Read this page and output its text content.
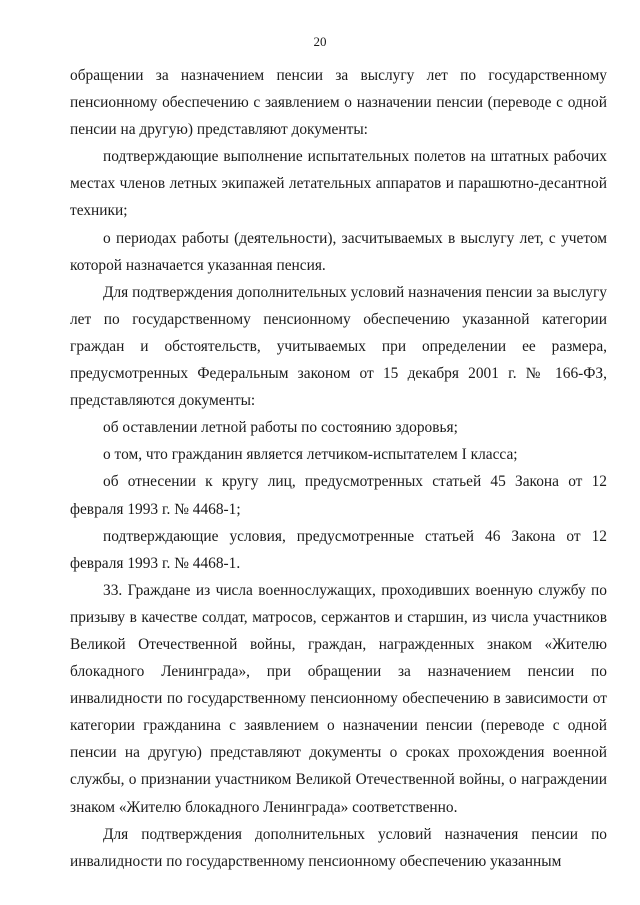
20

обращении за назначением пенсии за выслугу лет по государственному пенсионному обеспечению с заявлением о назначении пенсии (переводе с одной пенсии на другую) представляют документы:

подтверждающие выполнение испытательных полетов на штатных рабочих местах членов летных экипажей летательных аппаратов и парашютно-десантной техники;

о периодах работы (деятельности), засчитываемых в выслугу лет, с учетом которой назначается указанная пенсия.

Для подтверждения дополнительных условий назначения пенсии за выслугу лет по государственному пенсионному обеспечению указанной категории граждан и обстоятельств, учитываемых при определении ее размера, предусмотренных Федеральным законом от 15 декабря 2001 г. № 166-ФЗ, представляются документы:

об оставлении летной работы по состоянию здоровья;

о том, что гражданин является летчиком-испытателем I класса;

об отнесении к кругу лиц, предусмотренных статьей 45 Закона от 12 февраля 1993 г. № 4468-1;

подтверждающие условия, предусмотренные статьей 46 Закона от 12 февраля 1993 г. № 4468-1.

33. Граждане из числа военнослужащих, проходивших военную службу по призыву в качестве солдат, матросов, сержантов и старшин, из числа участников Великой Отечественной войны, граждан, награжденных знаком «Жителю блокадного Ленинграда», при обращении за назначением пенсии по инвалидности по государственному пенсионному обеспечению в зависимости от категории гражданина с заявлением о назначении пенсии (переводе с одной пенсии на другую) представляют документы о сроках прохождения военной службы, о признании участником Великой Отечественной войны, о награждении знаком «Жителю блокадного Ленинграда» соответственно.

Для подтверждения дополнительных условий назначения пенсии по инвалидности по государственному пенсионному обеспечению указанным
